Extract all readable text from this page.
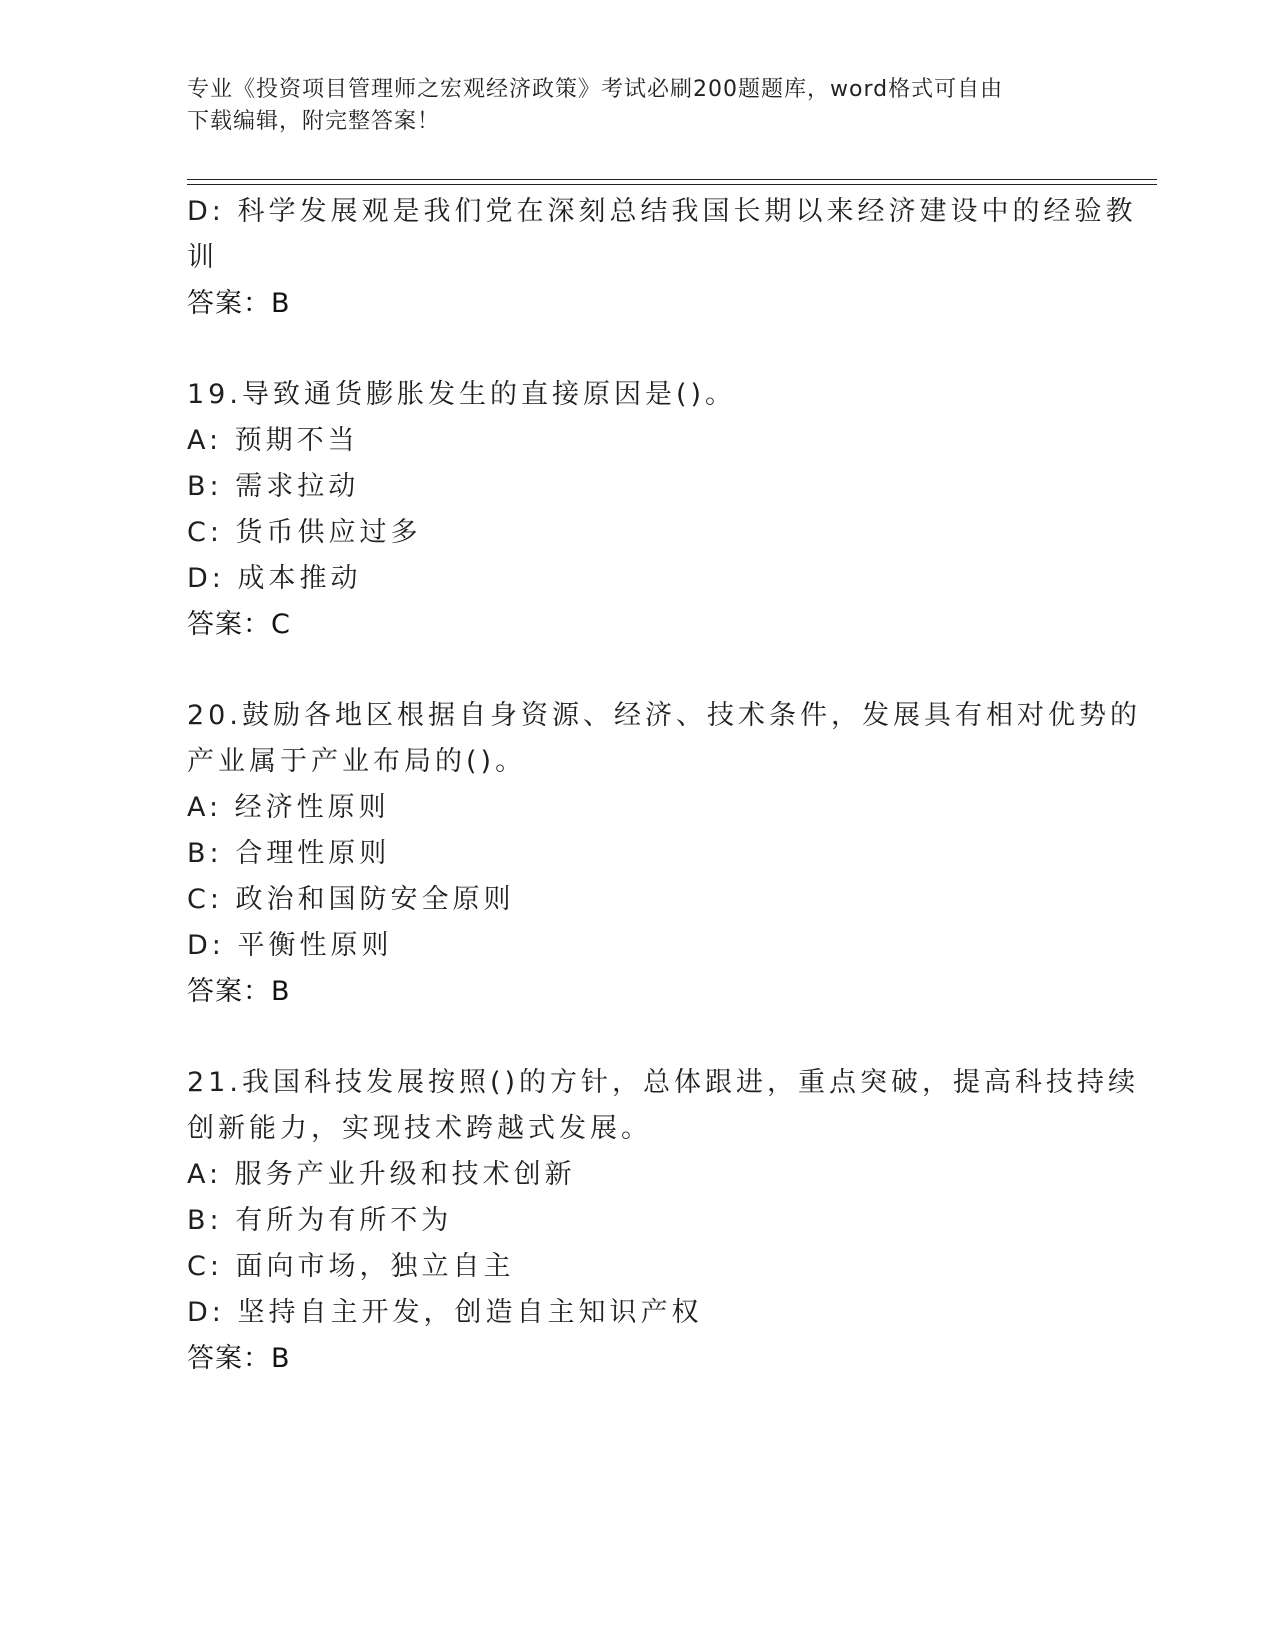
专业《投资项目管理师之宏观经济政策》考试必刷200题题库，word格式可自由
下载编辑，附完整答案！
D: 科学发展观是我们党在深刻总结我国长期以来经济建设中的经验教
训
答案：B
19.导致通货膨胀发生的直接原因是()。
A: 预期不当
B: 需求拉动
C: 货币供应过多
D: 成本推动
答案：C
20.鼓励各地区根据自身资源、经济、技术条件，发展具有相对优势的
产业属于产业布局的()。
A: 经济性原则
B: 合理性原则
C: 政治和国防安全原则
D: 平衡性原则
答案：B
21.我国科技发展按照()的方针，总体跟进，重点突破，提高科技持续
创新能力，实现技术跨越式发展。
A: 服务产业升级和技术创新
B: 有所为有所不为
C: 面向市场，独立自主
D: 坚持自主开发，创造自主知识产权
答案：B
